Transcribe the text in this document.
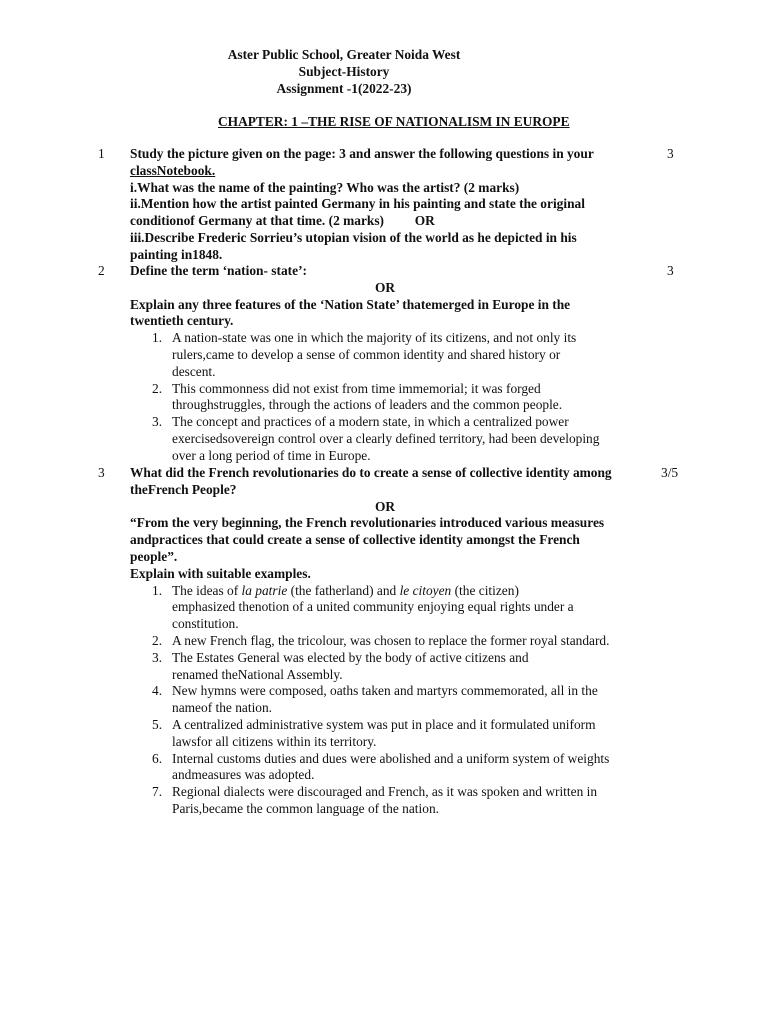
Aster Public School, Greater Noida West
Subject-History
Assignment -1(2022-23)
CHAPTER: 1 –THE RISE OF NATIONALISM IN EUROPE
1	3
Study the picture given on the page: 3 and answer the following questions in your
classNotebook.
i.What was the name of the painting? Who was the artist? (2 marks)
ii.Mention how the artist painted Germany in his painting and state the original
conditionof Germany at that time. (2 marks) OR
iii.Describe Frederic Sorrieu’s utopian vision of the world as he depicted in his
painting in1848.
2	3
Define the term ‘nation- state’:
OR
Explain any three features of the ‘Nation State’ thatemerged in Europe in the
twentieth century.
1. A nation-state was one in which the majority of its citizens, and not only its
rulers,came to develop a sense of common identity and shared history or
descent.
2. This commonness did not exist from time immemorial; it was forged
throughstruggles, through the actions of leaders and the common people.
3. The concept and practices of a modern state, in which a centralized power
exercisedsovereign control over a clearly defined territory, had been developing
over a long period of time in Europe.
3	3/5
What did the French revolutionaries do to create a sense of collective identity among
theFrench People?
OR
“From the very beginning, the French revolutionaries introduced various measures
andpractices that could create a sense of collective identity amongst the French
people”.
Explain with suitable examples.
1. The ideas of la patrie (the fatherland) and le citoyen (the citizen)
emphasized thenotion of a united community enjoying equal rights under a
constitution.
2. A new French flag, the tricolour, was chosen to replace the former royal standard.
3. The Estates General was elected by the body of active citizens and
renamed theNational Assembly.
4. New hymns were composed, oaths taken and martyrs commemorated, all in the
nameof the nation.
5. A centralized administrative system was put in place and it formulated uniform
lawsfor all citizens within its territory.
6. Internal customs duties and dues were abolished and a uniform system of weights
andmeasures was adopted.
7. Regional dialects were discouraged and French, as it was spoken and written in
Paris,became the common language of the nation.
